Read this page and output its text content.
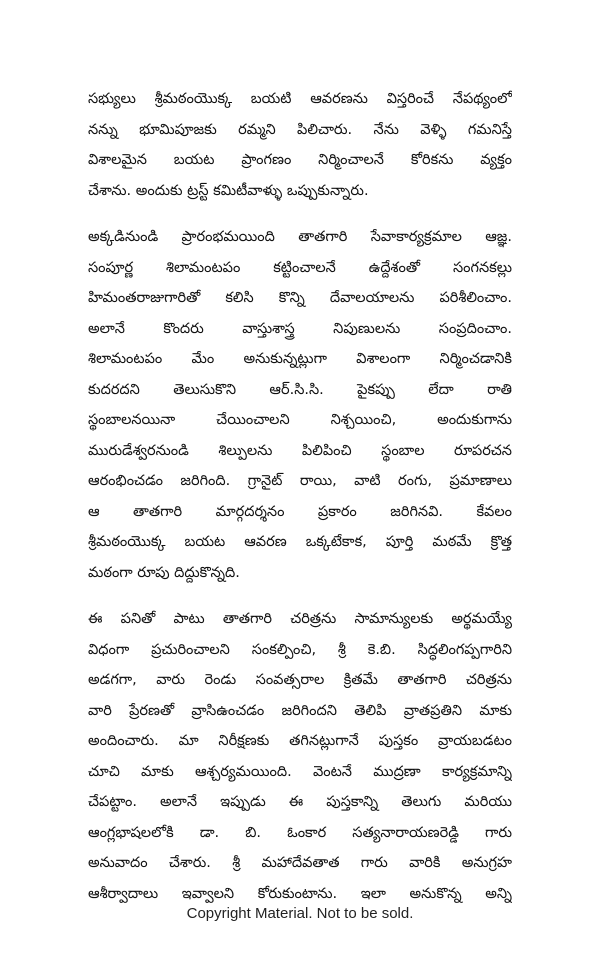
సభ్యులు శ్రీమఠంయొక్క బయటి ఆవరణను విస్తరించే నేపథ్యంలో
నన్ను భూమిపూజకు రమ్మని పిలిచారు. నేను వెళ్ళి గమనిస్తే
విశాలమైన బయట ప్రాంగణం నిర్మించాలనే కోరికను వ్యక్తం
చేశాను. అందుకు ట్రస్ట్ కమిటీవాళ్ళు ఒప్పుకున్నారు.
అక్కడినుండి ప్రారంభమయింది తాతగారి సేవాకార్యక్రమాల ఆజ్ఞ.
సంపూర్ణ శిలామంటపం కట్టించాలనే ఉద్దేశంతో సంగనకల్లు
హిమంతరాజుగారితో కలిసి కొన్ని దేవాలయాలను పరిశీలించాం.
అలానే కొందరు వాస్తుశాస్త్ర నిపుణులను సంప్రదించాం.
శిలామంటపం మేం అనుకున్నట్లుగా విశాలంగా నిర్మించడానికి
కుదరదని తెలుసుకొని ఆర్.సి.సి. పైకప్పు లేదా రాతి
స్థంబాలనయినా చేయించాలని నిశ్చయించి, అందుకుగాను
మురుడేశ్వరనుండి శిల్పులను పిలిపించి స్థంబాల రూపరచన
ఆరంభించడం జరిగింది. గ్రానైట్ రాయి, వాటి రంగు, ప్రమాణాలు
ఆ తాతగారి మార్గదర్శనం ప్రకారం జరిగినవి. కేవలం
శ్రీమఠంయొక్క బయట ఆవరణ ఒక్కటేకాక, పూర్తి మఠమే క్రొత్త
మఠంగా రూపు దిద్దుకొన్నది.
ఈ పనితో పాటు తాతగారి చరిత్రను సామాన్యులకు అర్థమయ్యే
విధంగా ప్రచురించాలని సంకల్పించి, శ్రీ కె.బి. సిద్ధలింగప్పగారిని
అడగగా, వారు రెండు సంవత్సరాల క్రితమే తాతగారి చరిత్రను
వారి ప్రేరణతో వ్రాసిఉంచడం జరిగిందని తెలిపి వ్రాతప్రతిని మాకు
అందించారు. మా నిరీక్షణకు తగినట్లుగానే పుస్తకం వ్రాయబడటం
చూచి మాకు ఆశ్చర్యమయింది. వెంటనే ముద్రణా కార్యక్రమాన్ని
చేపట్టాం. అలానే ఇప్పుడు ఈ పుస్తకాన్ని తెలుగు మరియు
ఆంగ్లభాషలలోకి డా. బి. ఓంకార సత్యనారాయణరెడ్డి గారు
అనువాదం చేశారు. శ్రీ మహాదేవతాత గారు వారికి అనుగ్రహ
ఆశీర్వాదాలు ఇవ్వాలని కోరుకుంటాను. ఇలా అనుకొన్న అన్ని
Copyright Material. Not to be sold.
